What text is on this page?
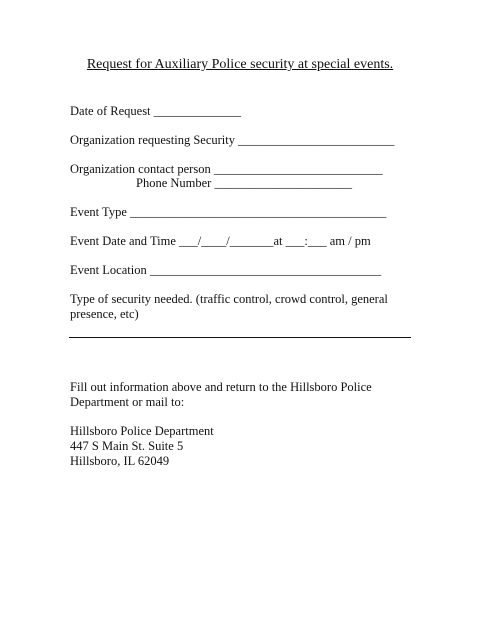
Request for Auxiliary Police security at special events.
Date of Request ______________
Organization requesting Security _________________________
Organization contact person ___________________________
Phone Number ______________________
Event Type _________________________________________
Event Date and Time ___/____/_______at ___:___ am / pm
Event Location _____________________________________
Type of security needed. (traffic control, crowd control, general presence, etc)
Fill out information above and return to the Hillsboro Police Department or mail to:
Hillsboro Police Department
447 S Main St. Suite 5
Hillsboro, IL 62049
